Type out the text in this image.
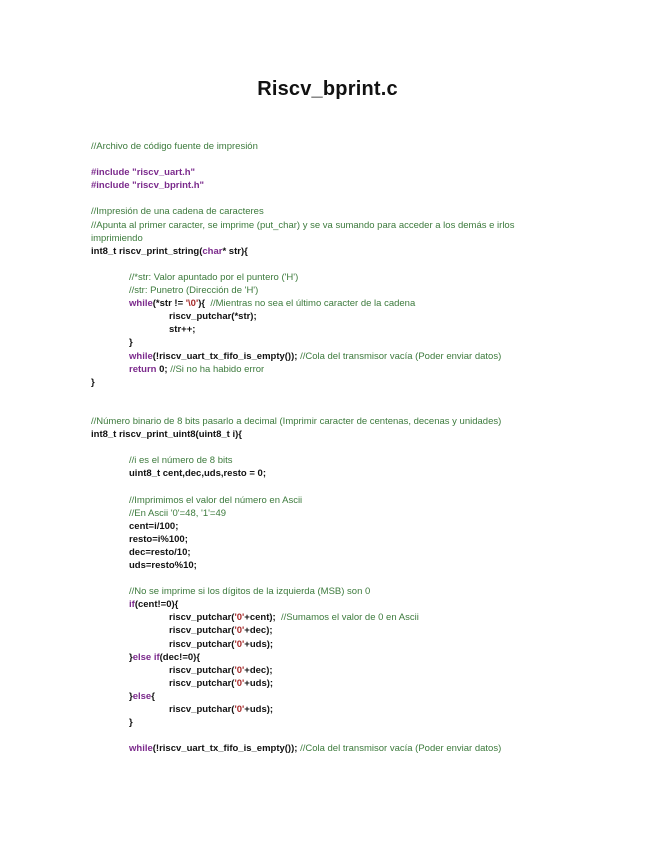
Riscv_bprint.c
//Archivo de código fuente de impresión
#include "riscv_uart.h"
#include "riscv_bprint.h"
//Impresión de una cadena de caracteres
//Apunta al primer caracter, se imprime (put_char) y se va sumando para acceder a los demás e irlos imprimiendo
int8_t riscv_print_string(char* str){
//*str: Valor apuntado por el puntero ('H')
//str: Punetro (Dirección de 'H')
while(*str != '\0'){  //Mientras no sea el último caracter de la cadena
riscv_putchar(*str);
str++;
}
while(!riscv_uart_tx_fifo_is_empty()); //Cola del transmisor vacía (Poder enviar datos)
return 0; //Si no ha habido error
}
//Número binario de 8 bits pasarlo a decimal (Imprimir caracter de centenas, decenas y unidades)
int8_t riscv_print_uint8(uint8_t i){
//i es el número de 8 bits
uint8_t cent,dec,uds,resto = 0;
//Imprimimos el valor del número en Ascii
//En Ascii '0'=48, '1'=49
cent=i/100;
resto=i%100;
dec=resto/10;
uds=resto%10;
//No se imprime si los dígitos de la izquierda (MSB) son 0
if(cent!=0){
riscv_putchar('0'+cent);  //Sumamos el valor de 0 en Ascii
riscv_putchar('0'+dec);
riscv_putchar('0'+uds);
}else if(dec!=0){
riscv_putchar('0'+dec);
riscv_putchar('0'+uds);
}else{
riscv_putchar('0'+uds);
}
while(!riscv_uart_tx_fifo_is_empty()); //Cola del transmisor vacía (Poder enviar datos)
